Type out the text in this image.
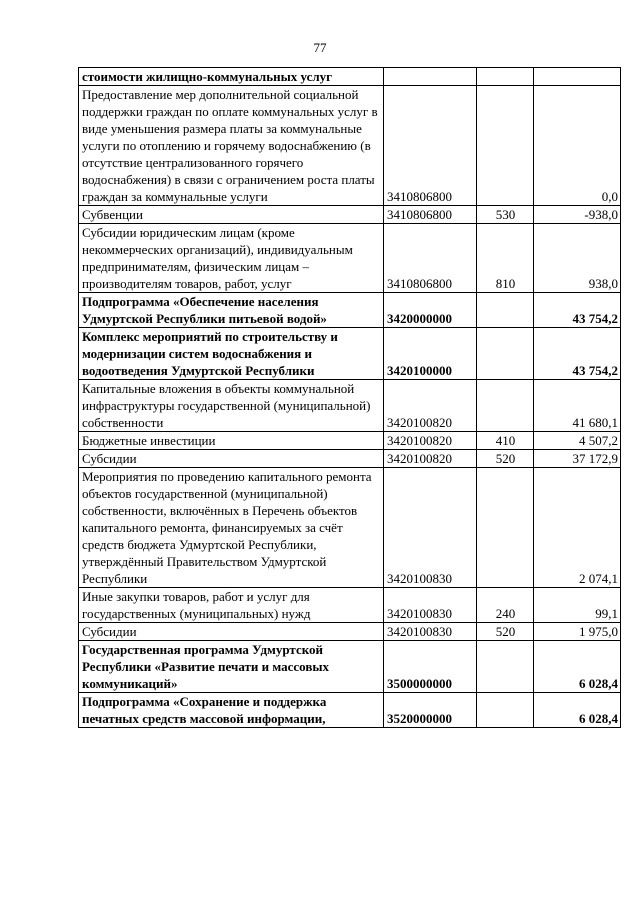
77
стоимости жилищно-коммунальных услуг			
Предоставление мер дополнительной социальной поддержки граждан по оплате коммунальных услуг в виде уменьшения размера платы за коммунальные услуги по отоплению и горячему водоснабжению (в отсутствие централизованного горячего водоснабжения) в связи с ограничением роста платы граждан за коммунальные услуги	3410806800		0,0
Субвенции	3410806800	530	-938,0
Субсидии юридическим лицам (кроме некоммерческих организаций), индивидуальным предпринимателям, физическим лицам – производителям товаров, работ, услуг	3410806800	810	938,0
Подпрограмма «Обеспечение населения Удмуртской Республики питьевой водой»	3420000000		43 754,2
Комплекс мероприятий по строительству и модернизации систем водоснабжения и водоотведения Удмуртской Республики	3420100000		43 754,2
Капитальные вложения в объекты коммунальной инфраструктуры государственной (муниципальной) собственности	3420100820		41 680,1
Бюджетные инвестиции	3420100820	410	4 507,2
Субсидии	3420100820	520	37 172,9
Мероприятия по проведению капитального ремонта объектов государственной (муниципальной) собственности, включённых в Перечень объектов капитального ремонта, финансируемых за счёт средств бюджета Удмуртской Республики, утверждённый Правительством Удмуртской Республики	3420100830		2 074,1
Иные закупки товаров, работ и услуг для государственных (муниципальных) нужд	3420100830	240	99,1
Субсидии	3420100830	520	1 975,0
Государственная программа Удмуртской Республики «Развитие печати и массовых коммуникаций»	3500000000		6 028,4
Подпрограмма «Сохранение и поддержка печатных средств массовой информации,	3520000000		6 028,4
